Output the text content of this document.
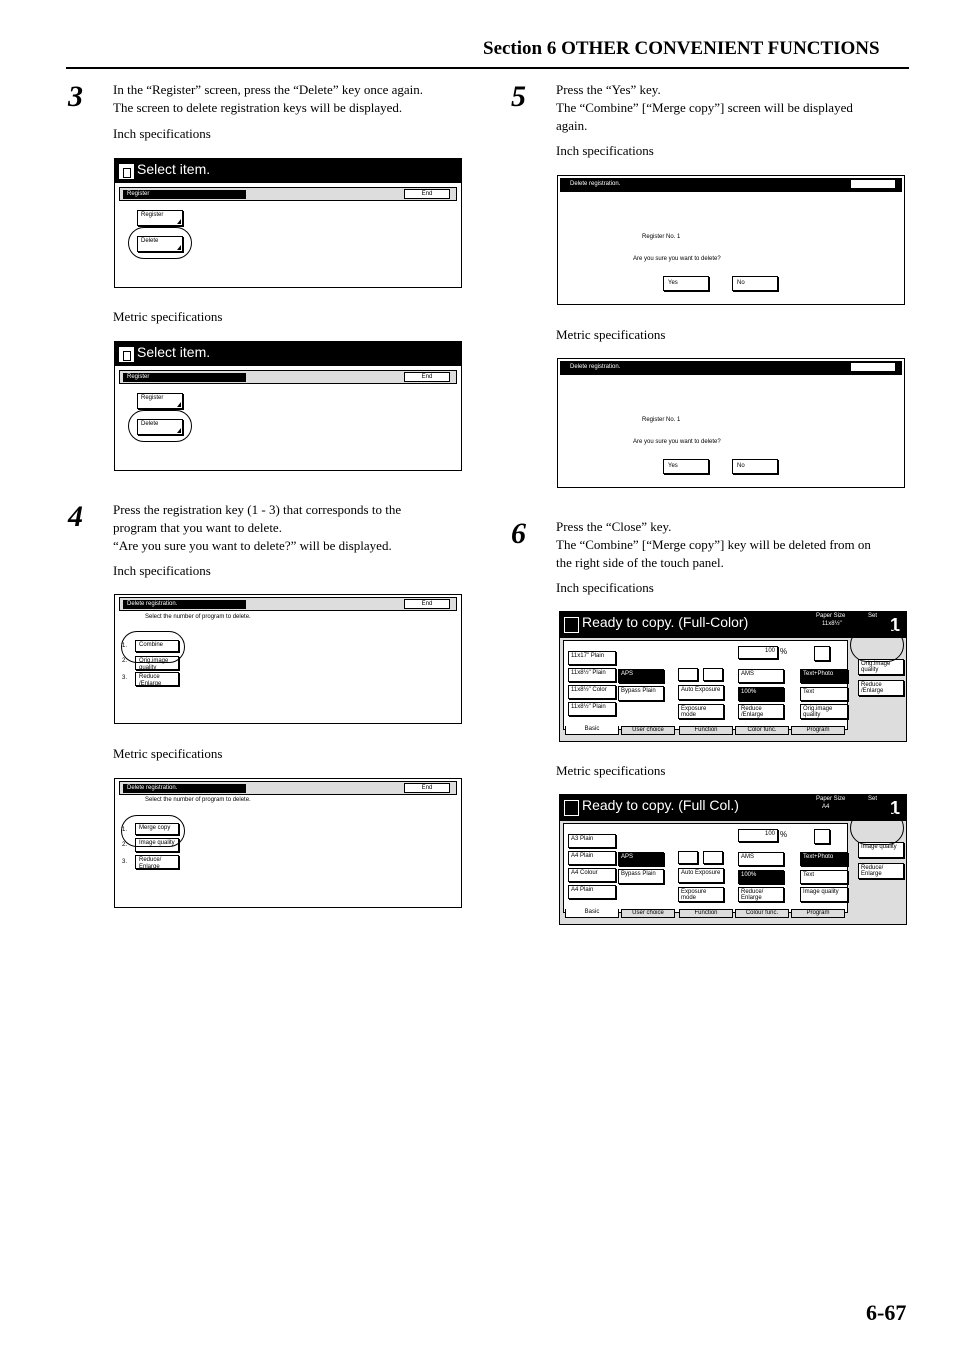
Section 6 OTHER CONVENIENT FUNCTIONS
3 In the “Register” screen, press the “Delete” key once again.
The screen to delete registration keys will be displayed.
Inch specifications
Select item.
Register	End
Register
Delete
Metric specifications
Select item.
Register	End
Register
Delete
4 Press the registration key (1 - 3) that corresponds to the
program that you want to delete.
“Are you sure you want to delete?” will be displayed.
Inch specifications
Delete registration.	End
Select the number of program to delete.
1.
2.
3.
Combine
Orig.image quality
Reduce /Enlarge
Metric specifications
Delete registration.	End
Select the number of program to delete.
1.
2.
3.
Merge copy
Image quality
Reduce/ Enlarge
5 Press the “Yes” key.
The “Combine” [“Merge copy”] screen will be displayed
again.
Inch specifications
Delete registration.	Stop
Register No. 1
Are you sure you want to delete?
Yes	No
Metric specifications
Delete registration.	Stop
Register No. 1
Are you sure you want to delete?
Yes	No
6 Press the “Close” key.
The “Combine” [“Merge copy”] key will be deleted from on
the right side of the touch panel.
Inch specifications
Ready to copy. (Full-Color)	Paper Size
11x8½"
Set 1
11x17" Plain
11x8½" Plain
11x8½" Color
11x8½" Plain
APS
Bypass Plain	Auto Exposure
Exposure mode
100 %
AMS
100%
Reduce /Enlarge
Text+Photo
Text
Orig.image quality
Orig.image quality
Reduce /Enlarge
Basic	User choice	Function	Color func.	Program
Metric specifications
Ready to copy. (Full Col.)	Paper Size
A4
Set 1
A3 Plain
A4 Plain
A4 Colour
A4 Plain
APS
Bypass Plain	Auto Exposure
Exposure mode
100 %
AMS
100%
Reduce/ Enlarge
Text+Photo
Text
Image quality
Image quality
Reduce/ Enlarge
Basic	User choice	Function	Colour func.	Program
6-67
